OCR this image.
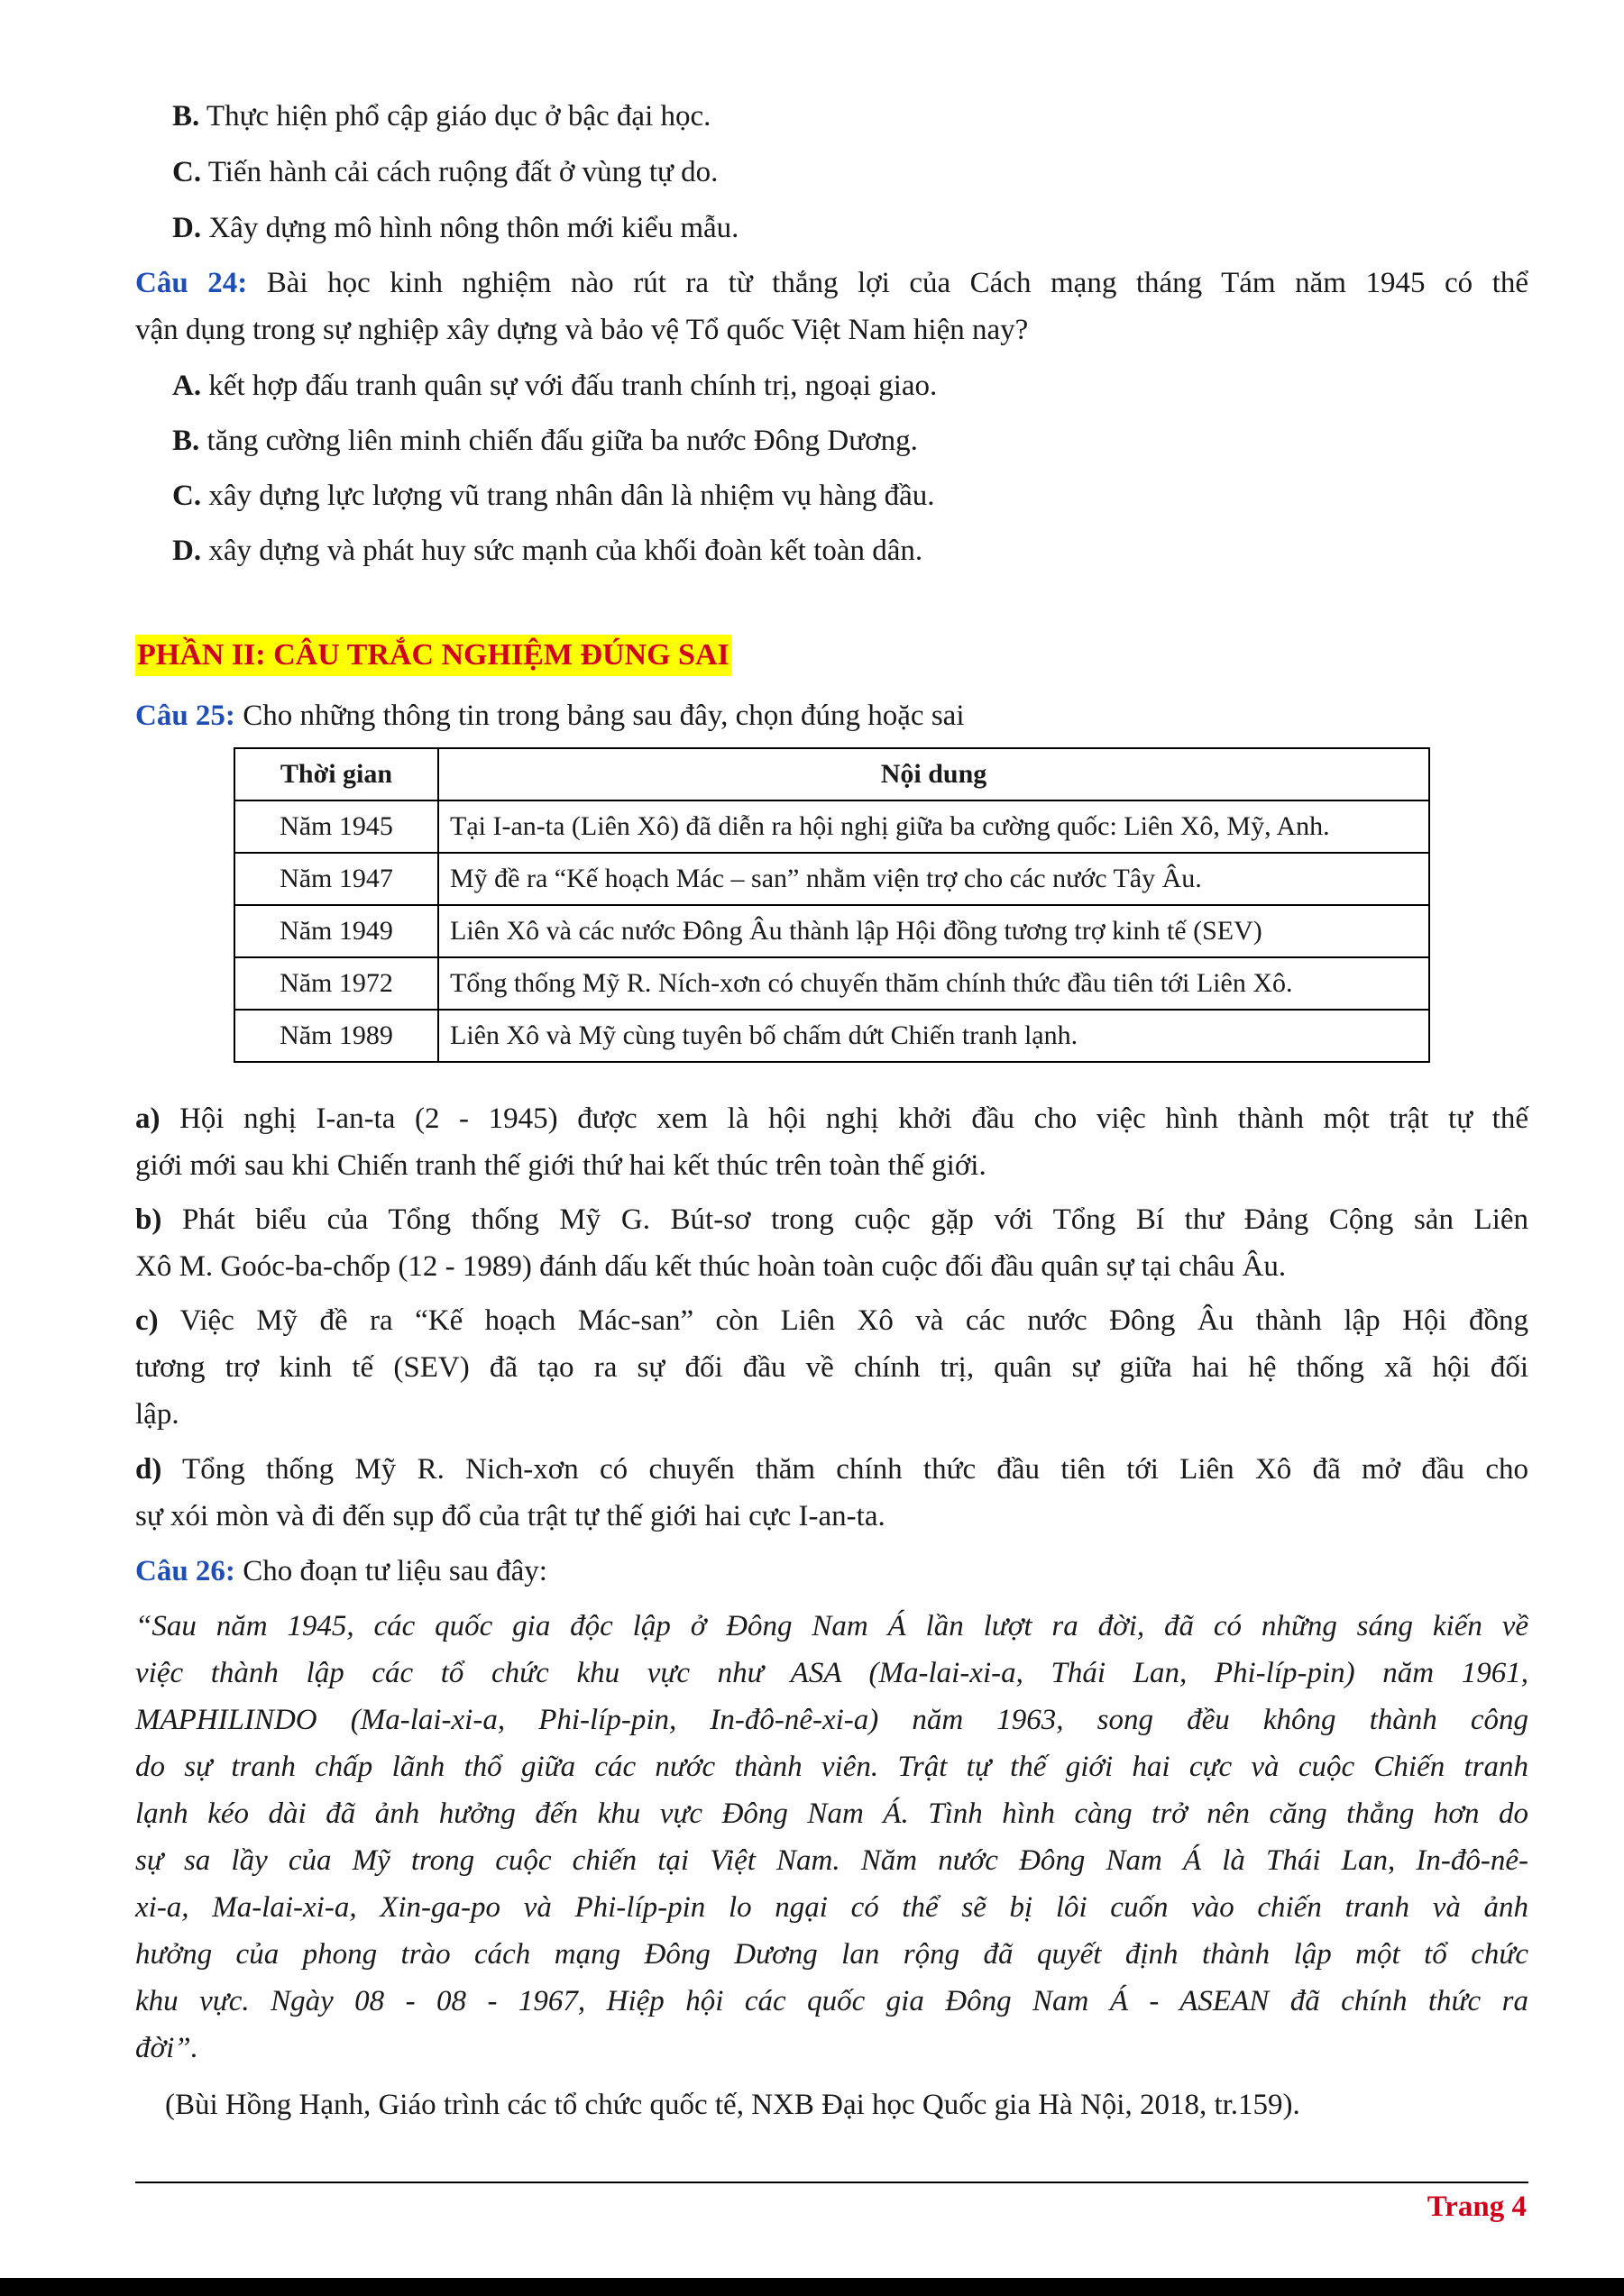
B. Thực hiện phổ cập giáo dục ở bậc đại học.
C. Tiến hành cải cách ruộng đất ở vùng tự do.
D. Xây dựng mô hình nông thôn mới kiểu mẫu.
Câu 24: Bài học kinh nghiệm nào rút ra từ thắng lợi của Cách mạng tháng Tám năm 1945 có thể
vận dụng trong sự nghiệp xây dựng và bảo vệ Tổ quốc Việt Nam hiện nay?
A. kết hợp đấu tranh quân sự với đấu tranh chính trị, ngoại giao.
B. tăng cường liên minh chiến đấu giữa ba nước Đông Dương.
C. xây dựng lực lượng vũ trang nhân dân là nhiệm vụ hàng đầu.
D. xây dựng và phát huy sức mạnh của khối đoàn kết toàn dân.
PHẦN II: CÂU TRẮC NGHIỆM ĐÚNG SAI
Câu 25: Cho những thông tin trong bảng sau đây, chọn đúng hoặc sai
Thời gian	Nội dung
Năm 1945	Tại I-an-ta (Liên Xô) đã diễn ra hội nghị giữa ba cường quốc: Liên Xô, Mỹ, Anh.
Năm 1947	Mỹ đề ra “Kế hoạch Mác – san” nhằm viện trợ cho các nước Tây Âu.
Năm 1949	Liên Xô và các nước Đông Âu thành lập Hội đồng tương trợ kinh tế (SEV)
Năm 1972	Tổng thống Mỹ R. Ních-xơn có chuyến thăm chính thức đầu tiên tới Liên Xô.
Năm 1989	Liên Xô và Mỹ cùng tuyên bố chấm dứt Chiến tranh lạnh.
a) Hội nghị I-an-ta (2 - 1945) được xem là hội nghị khởi đầu cho việc hình thành một trật tự thế
giới mới sau khi Chiến tranh thế giới thứ hai kết thúc trên toàn thế giới.
b) Phát biểu của Tổng thống Mỹ G. Bút-sơ trong cuộc gặp với Tổng Bí thư Đảng Cộng sản Liên
Xô M. Goóc-ba-chốp (12 - 1989) đánh dấu kết thúc hoàn toàn cuộc đối đầu quân sự tại châu Âu.
c) Việc Mỹ đề ra “Kế hoạch Mác-san” còn Liên Xô và các nước Đông Âu thành lập Hội đồng
tương trợ kinh tế (SEV) đã tạo ra sự đối đầu về chính trị, quân sự giữa hai hệ thống xã hội đối
lập.
d) Tổng thống Mỹ R. Nich-xơn có chuyến thăm chính thức đầu tiên tới Liên Xô đã mở đầu cho
sự xói mòn và đi đến sụp đổ của trật tự thế giới hai cực I-an-ta.
Câu 26: Cho đoạn tư liệu sau đây:
“Sau năm 1945, các quốc gia độc lập ở Đông Nam Á lần lượt ra đời, đã có những sáng kiến về
việc thành lập các tổ chức khu vực như ASA (Ma-lai-xi-a, Thái Lan, Phi-líp-pin) năm 1961,
MAPHILINDO (Ma-lai-xi-a, Phi-líp-pin, In-đô-nê-xi-a) năm 1963, song đều không thành công
do sự tranh chấp lãnh thổ giữa các nước thành viên. Trật tự thế giới hai cực và cuộc Chiến tranh
lạnh kéo dài đã ảnh hưởng đến khu vực Đông Nam Á. Tình hình càng trở nên căng thẳng hơn do
sự sa lầy của Mỹ trong cuộc chiến tại Việt Nam. Năm nước Đông Nam Á là Thái Lan, In-đô-nê-
xi-a, Ma-lai-xi-a, Xin-ga-po và Phi-líp-pin lo ngại có thể sẽ bị lôi cuốn vào chiến tranh và ảnh
hưởng của phong trào cách mạng Đông Dương lan rộng đã quyết định thành lập một tổ chức
khu vực. Ngày 08 - 08 - 1967, Hiệp hội các quốc gia Đông Nam Á - ASEAN đã chính thức ra
đời”.
(Bùi Hồng Hạnh, Giáo trình các tổ chức quốc tế, NXB Đại học Quốc gia Hà Nội, 2018, tr.159).
Trang 4
